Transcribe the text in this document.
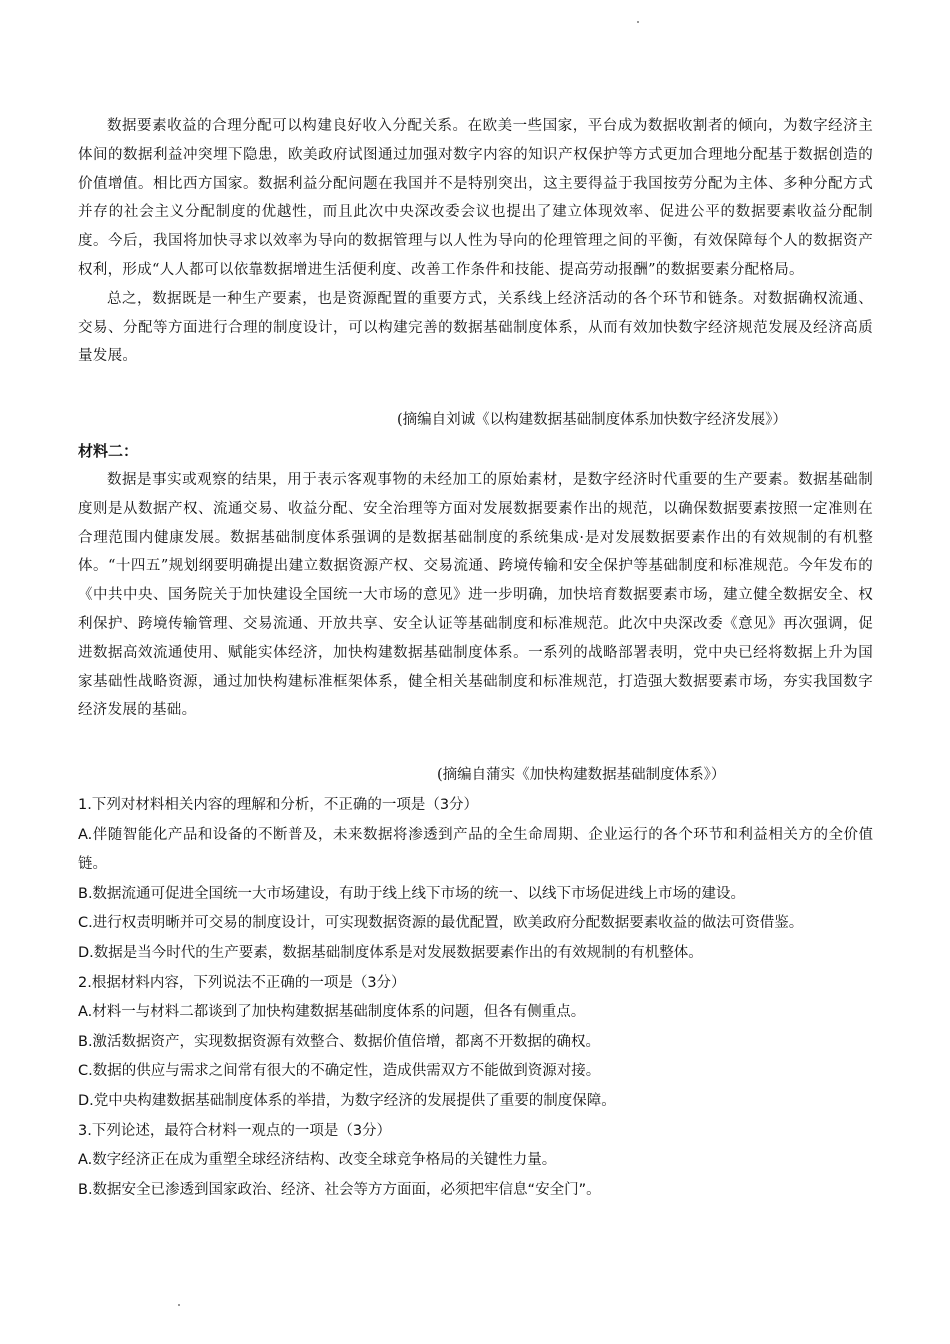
数据要素收益的合理分配可以构建良好收入分配关系。在欧美一些国家，平台成为数据收割者的倾向，为数字经济主体间的数据利益冲突埋下隐患，欧美政府试图通过加强对数字内容的知识产权保护等方式更加合理地分配基于数据创造的价值增值。相比西方国家。数据利益分配问题在我国并不是特别突出，这主要得益于我国按劳分配为主体、多种分配方式并存的社会主义分配制度的优越性，而且此次中央深改委会议也提出了建立体现效率、促进公平的数据要素收益分配制度。今后，我国将加快寻求以效率为导向的数据管理与以人性为导向的伦理管理之间的平衡，有效保障每个人的数据资产权利，形成“人人都可以依靠数据增进生活便利度、改善工作条件和技能、提高劳动报酬”的数据要素分配格局。

总之，数据既是一种生产要素，也是资源配置的重要方式，关系线上经济活动的各个环节和链条。对数据确权流通、交易、分配等方面进行合理的制度设计，可以构建完善的数据基础制度体系，从而有效加快数字经济规范发展及经济高质量发展。

(摘编自刘诚《以构建数据基础制度体系加快数字经济发展》）
材料二：

数据是事实或观察的结果，用于表示客观事物的未经加工的原始素材，是数字经济时代重要的生产要素。数据基础制度则是从数据产权、流通交易、收益分配、安全治理等方面对发展数据要素作出的规范，以确保数据要素按照一定准则在合理范围内健康发展。数据基础制度体系强调的是数据基础制度的系统集成·是对发展数据要素作出的有效规制的有机整体。“十四五”规划纲要明确提出建立数据资源产权、交易流通、跨境传输和安全保护等基础制度和标准规范。今年发布的《中共中央、国务院关于加快建设全国统一大市场的意见》进一步明确，加快培育数据要素市场，建立健全数据安全、权利保护、跨境传输管理、交易流通、开放共享、安全认证等基础制度和标准规范。此次中央深改委《意见》再次强调，促进数据高效流通使用、赋能实体经济，加快构建数据基础制度体系。一系列的战略部署表明，党中央已经将数据上升为国家基础性战略资源，通过加快构建标准框架体系，健全相关基础制度和标准规范，打造强大数据要素市场，夯实我国数字经济发展的基础。

(摘编自蒲实《加快构建数据基础制度体系》）

1.下列对材料相关内容的理解和分析，不正确的一项是（3分）

A.伴随智能化产品和设备的不断普及，未来数据将渗透到产品的全生命周期、企业运行的各个环节和利益相关方的全价值链。

B.数据流通可促进全国统一大市场建设，有助于线上线下市场的统一、以线下市场促进线上市场的建设。

C.进行权责明晰并可交易的制度设计，可实现数据资源的最优配置，欧美政府分配数据要素收益的做法可资借鉴。

D.数据是当今时代的生产要素，数据基础制度体系是对发展数据要素作出的有效规制的有机整体。

2.根据材料内容，下列说法不正确的一项是（3分）

A.材料一与材料二都谈到了加快构建数据基础制度体系的问题，但各有侧重点。

B.激活数据资产，实现数据资源有效整合、数据价值倍增，都离不开数据的确权。

C.数据的供应与需求之间常有很大的不确定性，造成供需双方不能做到资源对接。

D.党中央构建数据基础制度体系的举措，为数字经济的发展提供了重要的制度保障。

3.下列论述，最符合材料一观点的一项是（3分）

A.数字经济正在成为重塑全球经济结构、改变全球竞争格局的关键性力量。

B.数据安全已渗透到国家政治、经济、社会等方方面面，必须把牢信息“安全门”。
